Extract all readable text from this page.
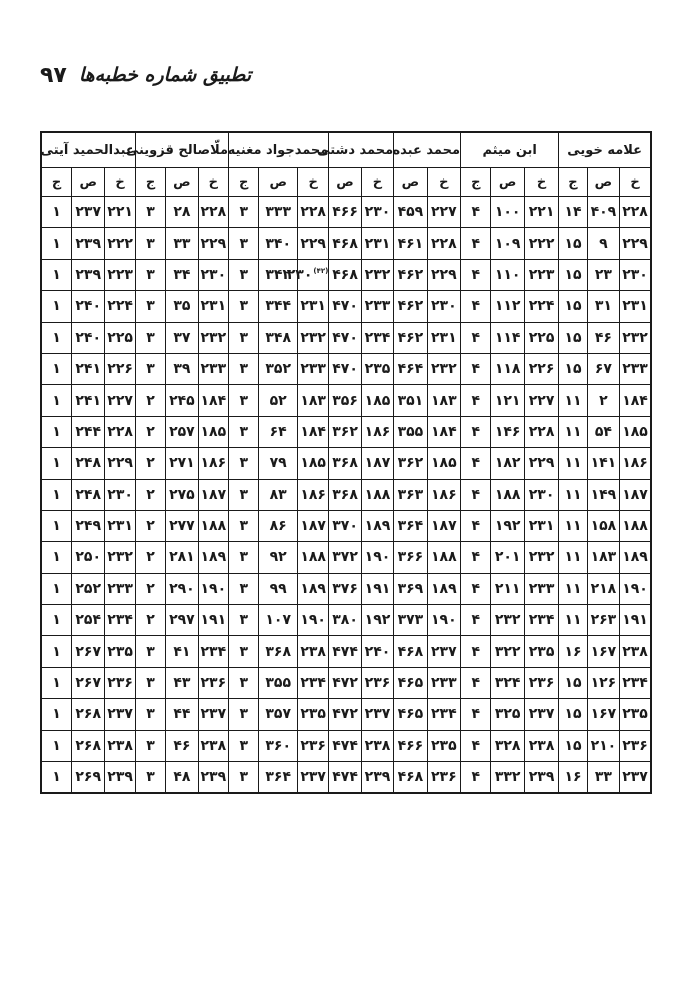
۹۷ تطبیق شماره خطبه‌ها
علامه خویی			ابن میثم			محمد عبده		محمد دشتی		محمدجواد مغنیه			ملّاصالح قزوینی			عبدالحمید آیتی		
خ	ص	ج	خ	ص	ج	خ	ص	خ	ص	خ	ص	ج	خ	ص	ج	خ	ص	ج
۲۲۸	۴۰۹	۱۴	۲۲۱	۱۰۰	۴	۲۲۷	۴۵۹	۲۳۰	۴۶۶	۲۲۸	۳۳۳	۳	۲۲۸	۲۸	۳	۲۲۱	۲۳۷	۱
۲۲۹	۹	۱۵	۲۲۲	۱۰۹	۴	۲۲۸	۴۶۱	۲۳۱	۴۶۸	۲۲۹	۳۴۰	۳	۲۲۹	۳۳	۳	۲۲۲	۲۳۹	۱
۲۳۰	۲۳	۱۵	۲۲۳	۱۱۰	۴	۲۲۹	۴۶۲	۲۳۲	۴۶۸	(۴۲)۲۳۰	۳۴۲	۳	۲۳۰	۳۴	۳	۲۲۳	۲۳۹	۱
۲۳۱	۳۱	۱۵	۲۲۴	۱۱۲	۴	۲۳۰	۴۶۲	۲۳۳	۴۷۰	۲۳۱	۳۴۴	۳	۲۳۱	۳۵	۳	۲۲۴	۲۴۰	۱
۲۳۲	۴۶	۱۵	۲۲۵	۱۱۴	۴	۲۳۱	۴۶۲	۲۳۴	۴۷۰	۲۳۲	۳۴۸	۳	۲۳۲	۳۷	۳	۲۲۵	۲۴۰	۱
۲۳۳	۶۷	۱۵	۲۲۶	۱۱۸	۴	۲۳۲	۴۶۴	۲۳۵	۴۷۰	۲۳۳	۳۵۲	۳	۲۳۳	۳۹	۳	۲۲۶	۲۴۱	۱
۱۸۴	۲	۱۱	۲۲۷	۱۲۱	۴	۱۸۳	۳۵۱	۱۸۵	۳۵۶	۱۸۳	۵۲	۳	۱۸۴	۲۴۵	۲	۲۲۷	۲۴۱	۱
۱۸۵	۵۴	۱۱	۲۲۸	۱۴۶	۴	۱۸۴	۳۵۵	۱۸۶	۳۶۲	۱۸۴	۶۴	۳	۱۸۵	۲۵۷	۲	۲۲۸	۲۴۴	۱
۱۸۶	۱۴۱	۱۱	۲۲۹	۱۸۲	۴	۱۸۵	۳۶۲	۱۸۷	۳۶۸	۱۸۵	۷۹	۳	۱۸۶	۲۷۱	۲	۲۲۹	۲۴۸	۱
۱۸۷	۱۴۹	۱۱	۲۳۰	۱۸۸	۴	۱۸۶	۳۶۳	۱۸۸	۳۶۸	۱۸۶	۸۳	۳	۱۸۷	۲۷۵	۲	۲۳۰	۲۴۸	۱
۱۸۸	۱۵۸	۱۱	۲۳۱	۱۹۲	۴	۱۸۷	۳۶۴	۱۸۹	۳۷۰	۱۸۷	۸۶	۳	۱۸۸	۲۷۷	۲	۲۳۱	۲۴۹	۱
۱۸۹	۱۸۳	۱۱	۲۳۲	۲۰۱	۴	۱۸۸	۳۶۶	۱۹۰	۳۷۲	۱۸۸	۹۲	۳	۱۸۹	۲۸۱	۲	۲۳۲	۲۵۰	۱
۱۹۰	۲۱۸	۱۱	۲۳۳	۲۱۱	۴	۱۸۹	۳۶۹	۱۹۱	۳۷۶	۱۸۹	۹۹	۳	۱۹۰	۲۹۰	۲	۲۳۳	۲۵۲	۱
۱۹۱	۲۶۳	۱۱	۲۳۴	۲۳۲	۴	۱۹۰	۳۷۳	۱۹۲	۳۸۰	۱۹۰	۱۰۷	۳	۱۹۱	۲۹۷	۲	۲۳۴	۲۵۴	۱
۲۳۸	۱۶۷	۱۶	۲۳۵	۳۲۲	۴	۲۳۷	۴۶۸	۲۴۰	۴۷۴	۲۳۸	۳۶۸	۳	۲۳۴	۴۱	۳	۲۳۵	۲۶۷	۱
۲۳۴	۱۲۶	۱۵	۲۳۶	۳۲۴	۴	۲۳۳	۴۶۵	۲۳۶	۴۷۲	۲۳۴	۳۵۵	۳	۲۳۶	۴۳	۳	۲۳۶	۲۶۷	۱
۲۳۵	۱۶۷	۱۵	۲۳۷	۳۲۵	۴	۲۳۴	۴۶۵	۲۳۷	۴۷۲	۲۳۵	۳۵۷	۳	۲۳۷	۴۴	۳	۲۳۷	۲۶۸	۱
۲۳۶	۲۱۰	۱۵	۲۳۸	۳۲۸	۴	۲۳۵	۴۶۶	۲۳۸	۴۷۴	۲۳۶	۳۶۰	۳	۲۳۸	۴۶	۳	۲۳۸	۲۶۸	۱
۲۳۷	۳۳	۱۶	۲۳۹	۳۳۲	۴	۲۳۶	۴۶۸	۲۳۹	۴۷۴	۲۳۷	۳۶۴	۳	۲۳۹	۴۸	۳	۲۳۹	۲۶۹	۱
